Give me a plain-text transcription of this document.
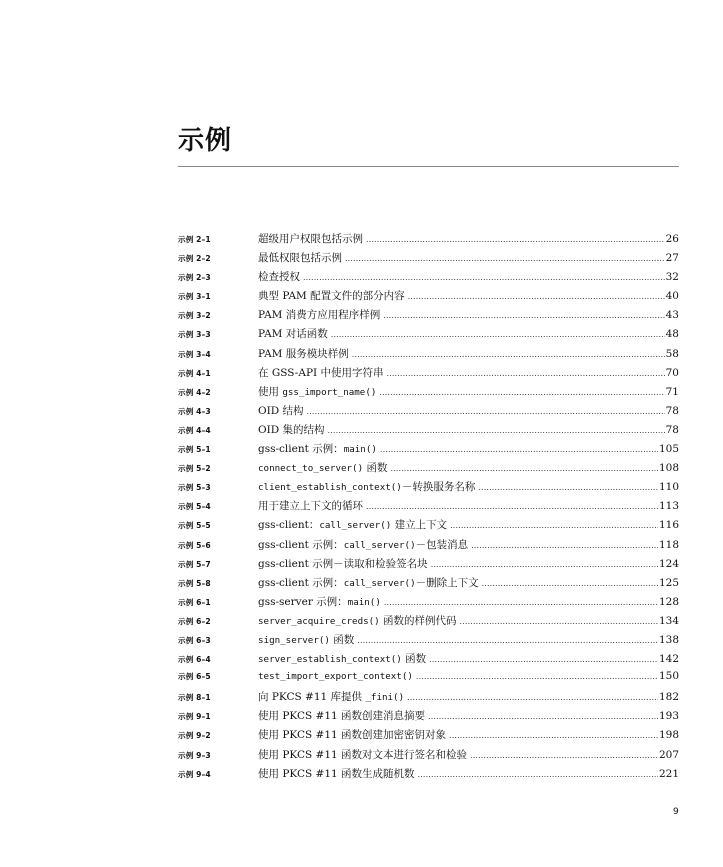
示例
示例 2–1	超级用户权限包括示例 . . .	26
示例 2–2	最低权限包括示例 . . .	27
示例 2–3	检查授权 . . .	32
示例 3–1	典型 PAM 配置文件的部分内容 . . .	40
示例 3–2	PAM 消费方应用程序样例 . . .	43
示例 3–3	PAM 对话函数 . . .	48
示例 3–4	PAM 服务模块样例 . . .	58
示例 4–1	在 GSS-API 中使用字符串 . . .	70
示例 4–2	使用 gss_import_name() . . .	71
示例 4–3	OID 结构 . . .	78
示例 4–4	OID 集的结构 . . .	78
示例 5–1	gss-client 示例：main() . . .	105
示例 5–2	connect_to_server() 函数 . . .	108
示例 5–3	client_establish_context()－转换服务名称 . . .	110
示例 5–4	用于建立上下文的循环 . . .	113
示例 5–5	gss-client：call_server() 建立上下文 . . .	116
示例 5–6	gss-client 示例：call_server()－包装消息 . . .	118
示例 5–7	gss-client 示例－读取和检验签名块 . . .	124
示例 5–8	gss-client 示例：call_server()－删除上下文 . . .	125
示例 6–1	gss-server 示例：main() . . .	128
示例 6–2	server_acquire_creds() 函数的样例代码 . . .	134
示例 6–3	sign_server() 函数 . . .	138
示例 6–4	server_establish_context() 函数 . . .	142
示例 6–5	test_import_export_context() . . .	150
示例 8–1	向 PKCS #11 库提供 _fini() . . .	182
示例 9–1	使用 PKCS #11 函数创建消息摘要 . . .	193
示例 9–2	使用 PKCS #11 函数创建加密密钥对象 . . .	198
示例 9–3	使用 PKCS #11 函数对文本进行签名和检验 . . .	207
示例 9–4	使用 PKCS #11 函数生成随机数 . . .	221
9
